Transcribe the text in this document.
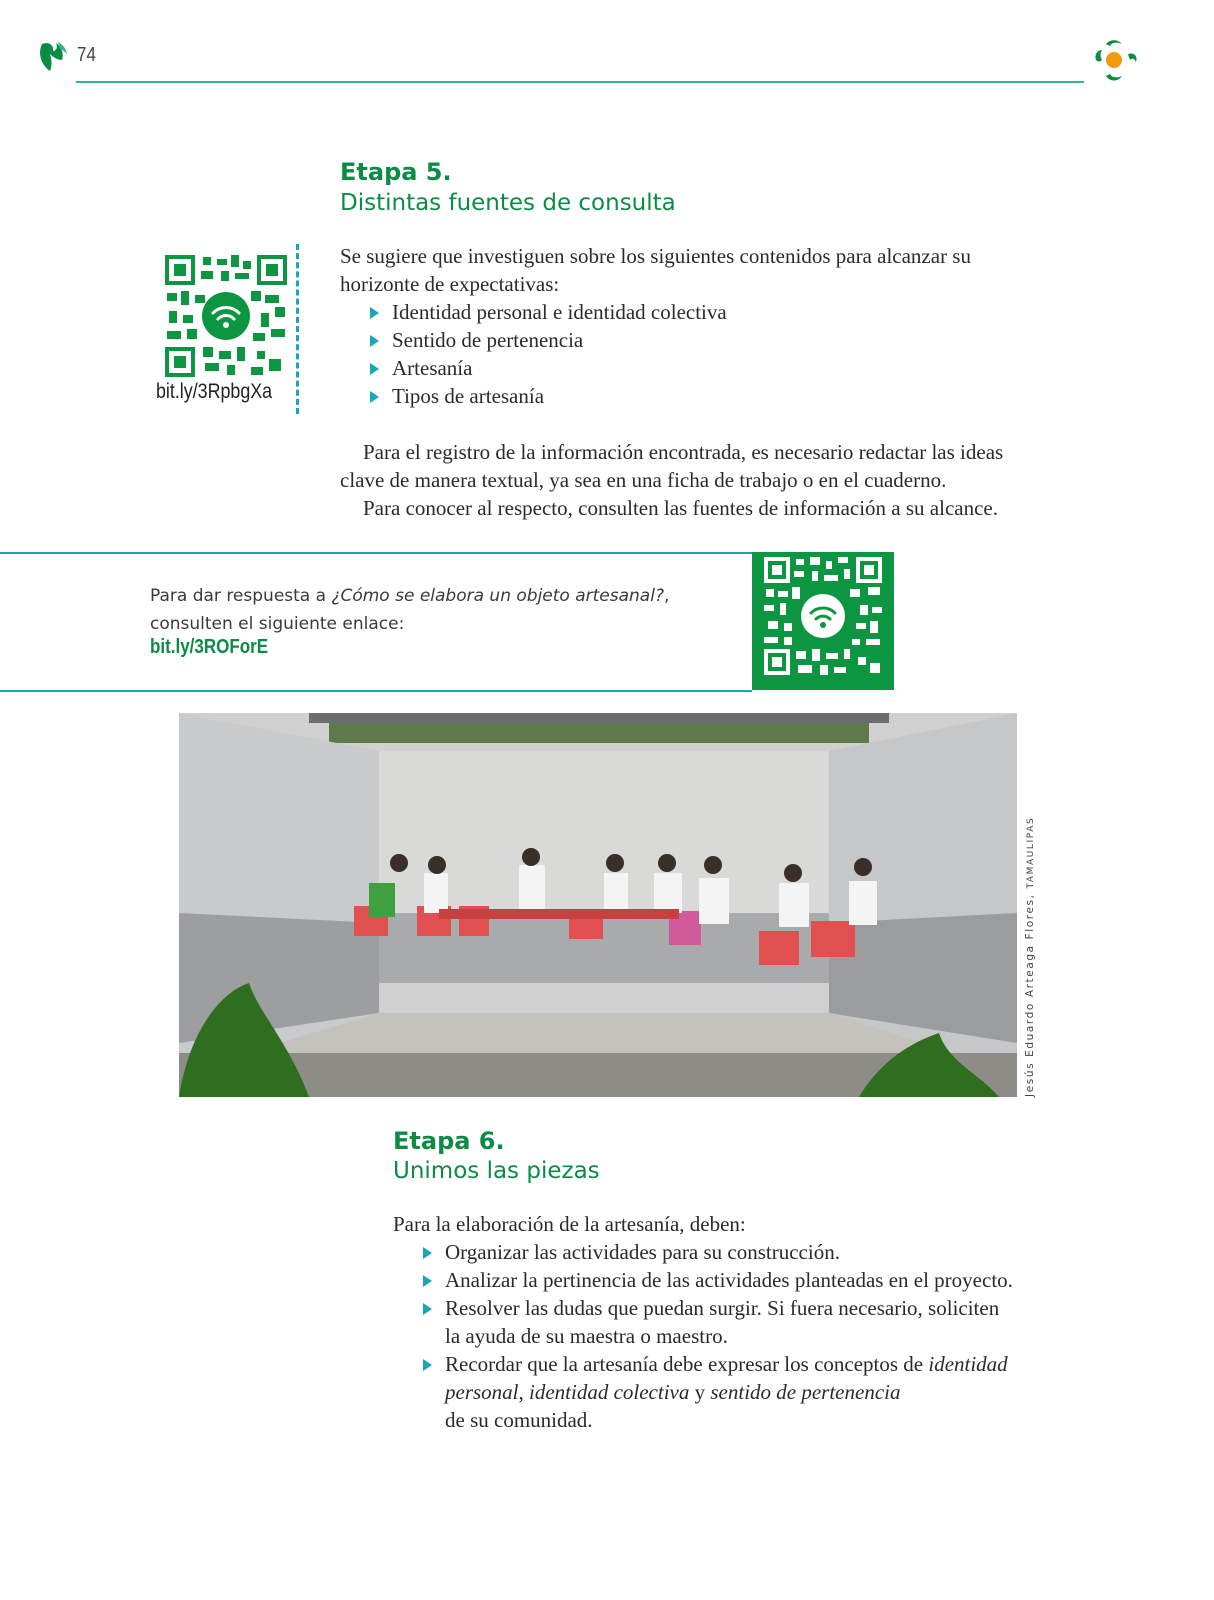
74
Etapa 5.
Distintas fuentes de consulta
Se sugiere que investiguen sobre los siguientes contenidos para alcanzar su
horizonte de expectativas:
Identidad personal e identidad colectiva
Sentido de pertenencia
Artesanía
Tipos de artesanía
Para el registro de la información encontrada, es necesario redactar las ideas
clave de manera textual, ya sea en una ficha de trabajo o en el cuaderno.
Para conocer al respecto, consulten las fuentes de información a su alcance.
bit.ly/3RpbgXa
Para dar respuesta a ¿Cómo se elabora un objeto artesanal?,
consulten el siguiente enlace:
bit.ly/3ROForE
Jesús Eduardo Arteaga Flores, TAMAULIPAS
Etapa 6.
Unimos las piezas
Para la elaboración de la artesanía, deben:
Organizar las actividades para su construcción.
Analizar la pertinencia de las actividades planteadas en el proyecto.
Resolver las dudas que puedan surgir. Si fuera necesario, soliciten
la ayuda de su maestra o maestro.
Recordar que la artesanía debe expresar los conceptos de identidad
personal, identidad colectiva y sentido de pertenencia
de su comunidad.
